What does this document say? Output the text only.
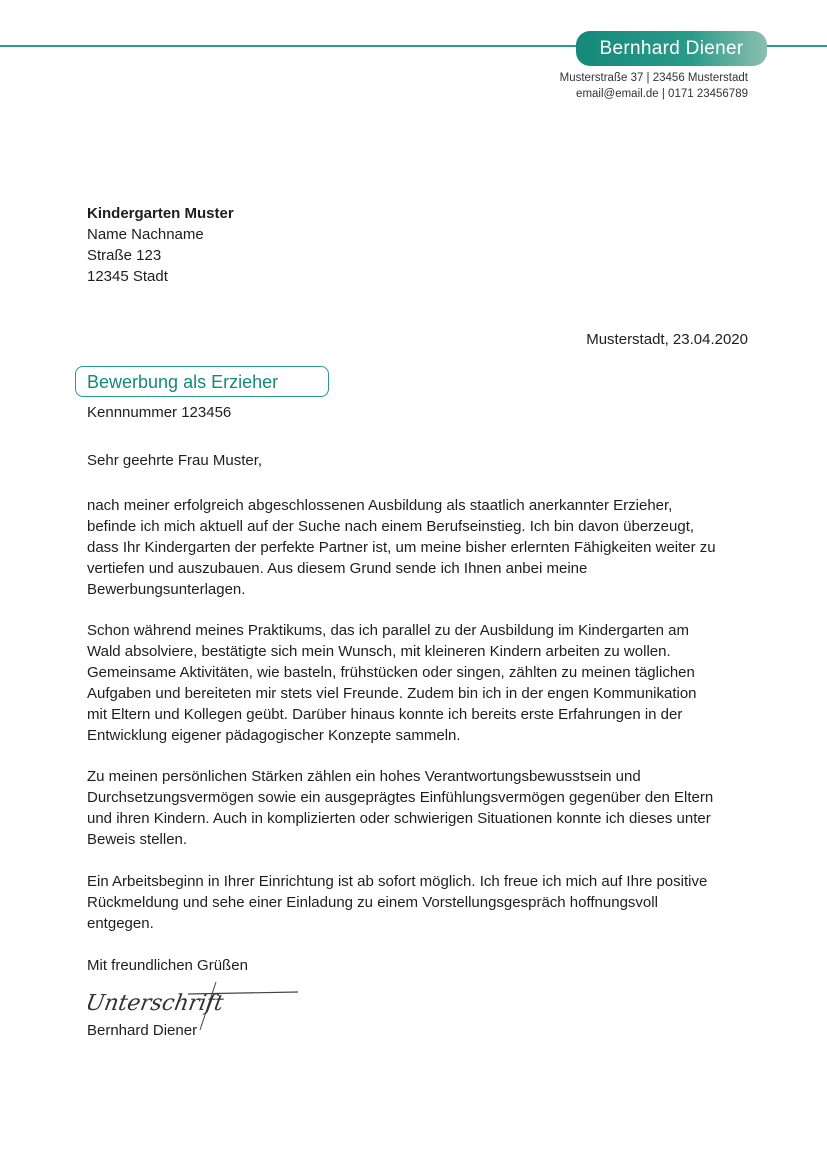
Bernhard Diener
Musterstraße 37 | 23456 Musterstadt
email@email.de | 0171 23456789
Kindergarten Muster
Name Nachname
Straße 123
12345 Stadt
Musterstadt, 23.04.2020
Bewerbung als Erzieher
Kennnummer 123456
Sehr geehrte Frau Muster,
nach meiner erfolgreich abgeschlossenen Ausbildung als staatlich anerkannter Erzieher,
befinde ich mich aktuell auf der Suche nach einem Berufseinstieg. Ich bin davon überzeugt,
dass Ihr Kindergarten der perfekte Partner ist, um meine bisher erlernten Fähigkeiten weiter zu
vertiefen und auszubauen. Aus diesem Grund sende ich Ihnen anbei meine
Bewerbungsunterlagen.
Schon während meines Praktikums, das ich parallel zu der Ausbildung im Kindergarten am
Wald absolviere, bestätigte sich mein Wunsch, mit kleineren Kindern arbeiten zu wollen.
Gemeinsame Aktivitäten, wie basteln, frühstücken oder singen, zählten zu meinen täglichen
Aufgaben und bereiteten mir stets viel Freunde. Zudem bin ich in der engen Kommunikation
mit Eltern und Kollegen geübt. Darüber hinaus konnte ich bereits erste Erfahrungen in der
Entwicklung eigener pädagogischer Konzepte sammeln.
Zu meinen persönlichen Stärken zählen ein hohes Verantwortungsbewusstsein und
Durchsetzungsvermögen sowie ein ausgeprägtes Einfühlungsvermögen gegenüber den Eltern
und ihren Kindern. Auch in komplizierten oder schwierigen Situationen konnte ich dieses unter
Beweis stellen.
Ein Arbeitsbeginn in Ihrer Einrichtung ist ab sofort möglich. Ich freue ich mich auf Ihre positive
Rückmeldung und sehe einer Einladung zu einem Vorstellungsgespräch hoffnungsvoll
entgegen.
Mit freundlichen Grüßen
Unterschrift
Bernhard Diener
